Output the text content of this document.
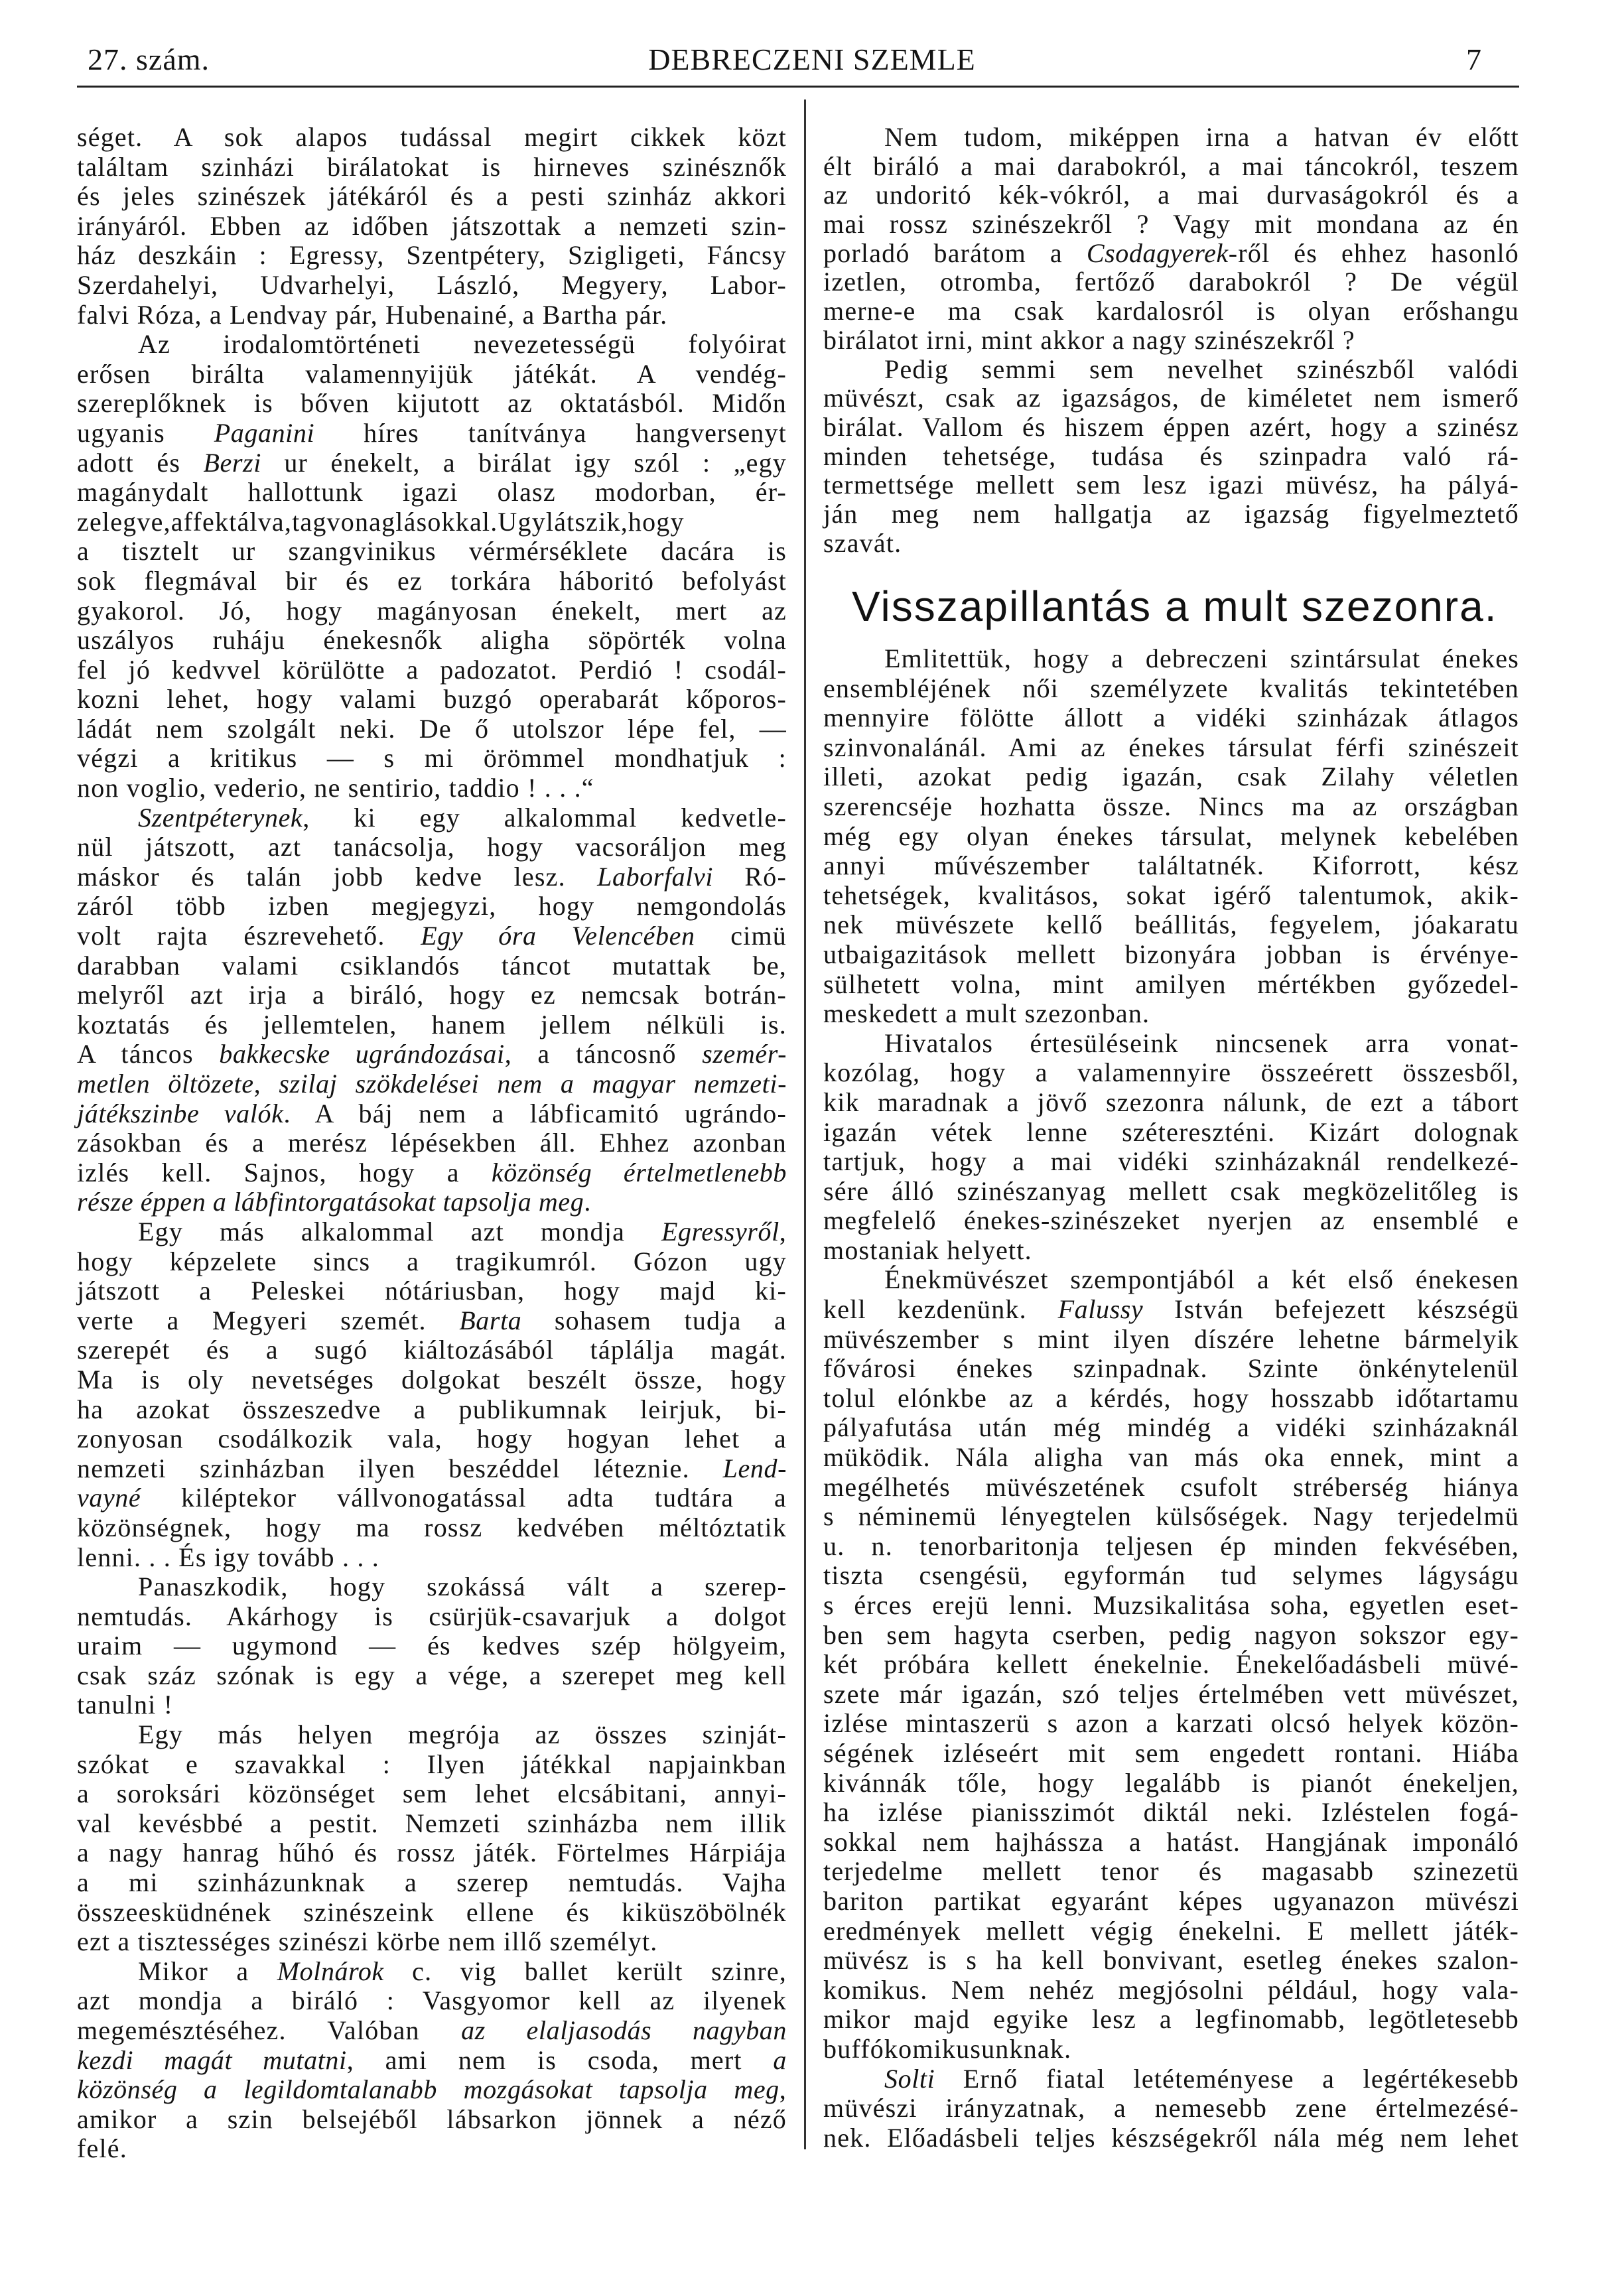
DEBRECZENI SZEMLE
27. szám.	7
séget. A sok alapos tudással megirt cikkek közt
találtam szinházi birálatokat is hirneves szinésznők
és jeles szinészek játékáról és a pesti szinház akkori
irányáról. Ebben az időben játszottak a nemzeti szin-
ház deszkáin : Egressy, Szentpétery, Szigligeti, Fáncsy
Szerdahelyi, Udvarhelyi, László, Megyery, Labor-
falvi Róza, a Lendvay pár, Hubenainé, a Bartha pár.
Az irodalomtörténeti nevezetességü folyóirat
erősen birálta valamennyijük játékát. A vendég-
szereplőknek is bőven kijutott az oktatásból. Midőn
ugyanis Paganini híres tanítványa hangversenyt
adott és Berzi ur énekelt, a birálat igy szól : „egy
magánydalt hallottunk igazi olasz modorban, ér-
zelegve,affektálva,tagvonaglásokkal.Ugylátszik,hogy
a tisztelt ur szangvinikus vérmérséklete dacára is
sok flegmával bir és ez torkára háboritó befolyást
gyakorol. Jó, hogy magányosan énekelt, mert az
uszályos ruháju énekesnők aligha söpörték volna
fel jó kedvvel körülötte a padozatot. Perdió ! csodál-
kozni lehet, hogy valami buzgó operabarát kőporos-
ládát nem szolgált neki. De ő utolszor lépe fel, —
végzi a kritikus — s mi örömmel mondhatjuk :
non voglio, vederio, ne sentirio, taddio ! . . .“
Szentpéterynek, ki egy alkalommal kedvetle-
nül játszott, azt tanácsolja, hogy vacsoráljon meg
máskor és talán jobb kedve lesz. Laborfalvi Ró-
záról több izben megjegyzi, hogy nemgondolás
volt rajta észrevehető. Egy óra Velencében cimü
darabban valami csiklandós táncot mutattak be,
melyről azt irja a biráló, hogy ez nemcsak botrán-
koztatás és jellemtelen, hanem jellem nélküli is.
A táncos bakkecske ugrándozásai, a táncosnő szemér-
metlen öltözete, szilaj szökdelései nem a magyar nemzeti-
játékszinbe valók. A báj nem a lábficamitó ugrándo-
zásokban és a merész lépésekben áll. Ehhez azonban
izlés kell. Sajnos, hogy a közönség értelmetlenebb
része éppen a lábfintorgatásokat tapsolja meg.
Egy más alkalommal azt mondja Egressyről,
hogy képzelete sincs a tragikumról. Gózon ugy
játszott a Peleskei nótáriusban, hogy majd ki-
verte a Megyeri szemét. Barta sohasem tudja a
szerepét és a sugó kiáltozásából táplálja magát.
Ma is oly nevetséges dolgokat beszélt össze, hogy
ha azokat összeszedve a publikumnak leirjuk, bi-
zonyosan csodálkozik vala, hogy hogyan lehet a
nemzeti szinházban ilyen beszéddel léteznie. Lend-
vayné kiléptekor vállvonogatással adta tudtára a
közönségnek, hogy ma rossz kedvében méltóztatik
lenni. . . És igy tovább . . .
Panaszkodik, hogy szokássá vált a szerep-
nemtudás. Akárhogy is csürjük-csavarjuk a dolgot
uraim — ugymond — és kedves szép hölgyeim,
csak száz szónak is egy a vége, a szerepet meg kell
tanulni !
Egy más helyen megrója az összes szinját-
szókat e szavakkal : Ilyen játékkal napjainkban
a soroksári közönséget sem lehet elcsábitani, annyi-
val kevésbbé a pestit. Nemzeti szinházba nem illik
a nagy hanrag hűhó és rossz játék. Förtelmes Hárpiája
a mi szinházunknak a szerep nemtudás. Vajha
összeesküdnének szinészeink ellene és kiküszöbölnék
ezt a tisztességes szinészi körbe nem illő személyt.
Mikor a Molnárok c. vig ballet került szinre,
azt mondja a biráló : Vasgyomor kell az ilyenek
megemésztéséhez. Valóban az elaljasodás nagyban
kezdi magát mutatni, ami nem is csoda, mert a
közönség a legildomtalanabb mozgásokat tapsolja meg,
amikor a szin belsejéből lábsarkon jönnek a néző
felé.
Nem tudom, miképpen irna a hatvan év előtt
élt biráló a mai darabokról, a mai táncokról, teszem
az undoritó kék-vókról, a mai durvaságokról és a
mai rossz szinészekről ? Vagy mit mondana az én
porladó barátom a Csodagyerek-ről és ehhez hasonló
izetlen, otromba, fertőző darabokról ? De végül
merne-e ma csak kardalosról is olyan erőshangu
birálatot irni, mint akkor a nagy szinészekről ?
Pedig semmi sem nevelhet szinészből valódi
müvészt, csak az igazságos, de kiméletet nem ismerő
birálat. Vallom és hiszem éppen azért, hogy a szinész
minden tehetsége, tudása és szinpadra való rá-
termettsége mellett sem lesz igazi müvész, ha pályá-
ján meg nem hallgatja az igazság figyelmeztető
szavát.
Visszapillantás a mult szezonra.
Emlitettük, hogy a debreczeni szintársulat énekes
ensembléjének női személyzete kvalitás tekintetében
mennyire fölötte állott a vidéki szinházak átlagos
szinvonalánál. Ami az énekes társulat férfi szinészeit
illeti, azokat pedig igazán, csak Zilahy véletlen
szerencséje hozhatta össze. Nincs ma az országban
még egy olyan énekes társulat, melynek kebelében
annyi művészember találtatnék. Kiforrott, kész
tehetségek, kvalitásos, sokat igérő talentumok, akik-
nek müvészete kellő beállitás, fegyelem, jóakaratu
utbaigazitások mellett bizonyára jobban is érvénye-
sülhetett volna, mint amilyen mértékben győzedel-
meskedett a mult szezonban.
Hivatalos értesüléseink nincsenek arra vonat-
kozólag, hogy a valamennyire összeérett összesből,
kik maradnak a jövő szezonra nálunk, de ezt a tábort
igazán vétek lenne szétereszténi. Kizárt dolognak
tartjuk, hogy a mai vidéki szinházaknál rendelkezé-
sére álló szinészanyag mellett csak megközelitőleg is
megfelelő énekes-szinészeket nyerjen az ensemblé e
mostaniak helyett.
Énekmüvészet szempontjából a két első énekesen
kell kezdenünk. Falussy István befejezett készségü
müvészember s mint ilyen díszére lehetne bármelyik
fővárosi énekes szinpadnak. Szinte önkénytelenül
tolul elónkbe az a kérdés, hogy hosszabb időtartamu
pályafutása után még mindég a vidéki szinházaknál
müködik. Nála aligha van más oka ennek, mint a
megélhetés müvészetének csufolt stréberség hiánya
s néminemü lényegtelen külsőségek. Nagy terjedelmü
u. n. tenorbaritonja teljesen ép minden fekvésében,
tiszta csengésü, egyformán tud selymes lágyságu
s érces erejü lenni. Muzsikalitása soha, egyetlen eset-
ben sem hagyta cserben, pedig nagyon sokszor egy-
két próbára kellett énekelnie. Énekelőadásbeli müvé-
szete már igazán, szó teljes értelmében vett müvészet,
izlése mintaszerü s azon a karzati olcsó helyek közön-
ségének izléseért mit sem engedett rontani. Hiába
kivánnák tőle, hogy legalább is pianót énekeljen,
ha izlése pianisszimót diktál neki. Izléstelen fogá-
sokkal nem hajhássza a hatást. Hangjának imponáló
terjedelme mellett tenor és magasabb szinezetü
bariton partikat egyaránt képes ugyanazon müvészi
eredmények mellett végig énekelni. E mellett játék-
müvész is s ha kell bonvivant, esetleg énekes szalon-
komikus. Nem nehéz megjósolni például, hogy vala-
mikor majd egyike lesz a legfinomabb, legötletesebb
buffókomikusunknak.
Solti Ernő fiatal letéteményese a legértékesebb
müvészi irányzatnak, a nemesebb zene értelmezésé-
nek. Előadásbeli teljes készségekről nála még nem lehet
